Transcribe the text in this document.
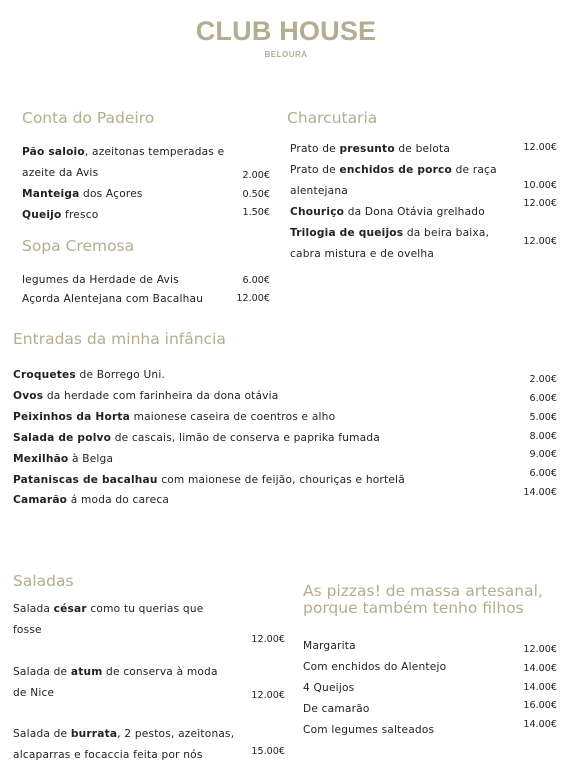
CLUB HOUSE
BELOURA
Conta do Padeiro
Pão saloio, azeitonas temperadas e
azeite da Avis
Manteiga dos Açores
Queijo fresco
2.00€
0.50€
1.50€
Sopa Cremosa
legumes da Herdade de Avis
Açorda Alentejana com Bacalhau
6.00€
12.00€
Charcutaria
Prato de presunto de belota
Prato de enchidos de porco de raça
alentejana
Chouriço da Dona Otávia grelhado
Trilogia de queijos da beira baixa,
cabra mistura e de ovelha
12.00€
10.00€
12.00€
12.00€
Entradas da minha infância
Croquetes de Borrego Uni.
Ovos da herdade com farinheira da dona otávia
Peixinhos da Horta maionese caseira de coentros e alho
Salada de polvo de cascais, limão de conserva e paprika fumada
Mexilhão à Belga
Pataniscas de bacalhau com maionese de feijão, chouriças e hortelã
Camarão á moda do careca
2.00€
6.00€
5.00€
8.00€
9.00€
6.00€
14.00€
Saladas
Salada césar como tu querias que
fosse
Salada de atum de conserva à moda
de Nice
Salada de burrata, 2 pestos, azeitonas,
alcaparras e focaccia feita por nós
12.00€
12.00€
15.00€
As pizzas! de massa artesanal,
porque também tenho filhos
Margarita
Com enchidos do Alentejo
4 Queijos
De camarão
Com legumes salteados
12.00€
14.00€
14.00€
16.00€
14.00€
